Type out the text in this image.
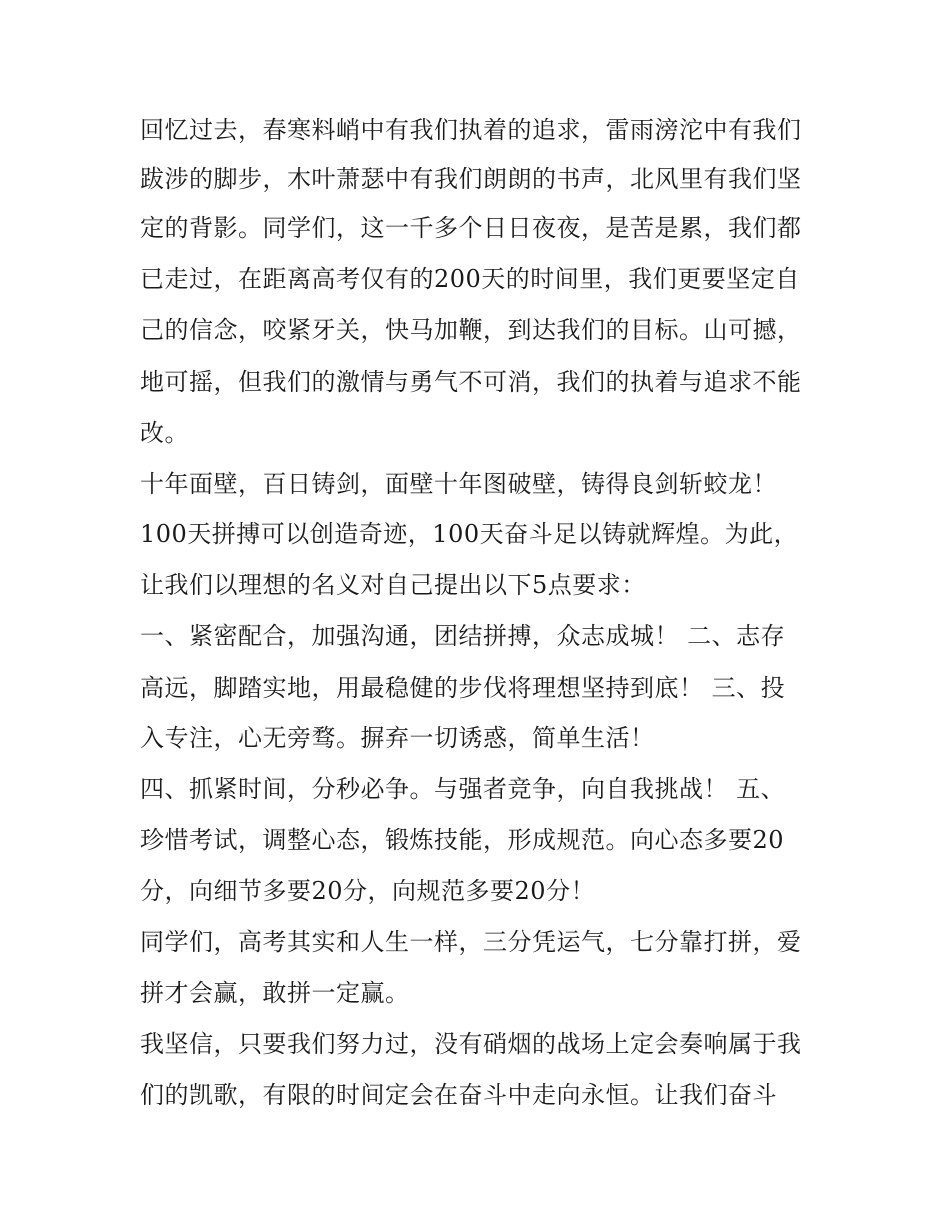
回忆过去，春寒料峭中有我们执着的追求，雷雨滂沱中有我们
跋涉的脚步，木叶萧瑟中有我们朗朗的书声，北风里有我们坚
定的背影。同学们，这一千多个日日夜夜，是苦是累，我们都
已走过，在距离高考仅有的200天的时间里，我们更要坚定自
己的信念，咬紧牙关，快马加鞭，到达我们的目标。山可撼，
地可摇，但我们的激情与勇气不可消，我们的执着与追求不能
改。
十年面壁，百日铸剑，面壁十年图破壁，铸得良剑斩蛟龙！
100天拼搏可以创造奇迹，100天奋斗足以铸就辉煌。为此，
让我们以理想的名义对自己提出以下5点要求：
一、紧密配合，加强沟通，团结拼搏，众志成城！ 二、志存
高远，脚踏实地，用最稳健的步伐将理想坚持到底！ 三、投
入专注，心无旁骛。摒弃一切诱惑，简单生活！
四、抓紧时间，分秒必争。与强者竞争，向自我挑战！ 五、
珍惜考试，调整心态，锻炼技能，形成规范。向心态多要20
分，向细节多要20分，向规范多要20分！
同学们，高考其实和人生一样，三分凭运气，七分靠打拼，爱
拼才会赢，敢拼一定赢。
我坚信，只要我们努力过，没有硝烟的战场上定会奏响属于我
们的凯歌，有限的时间定会在奋斗中走向永恒。让我们奋斗
